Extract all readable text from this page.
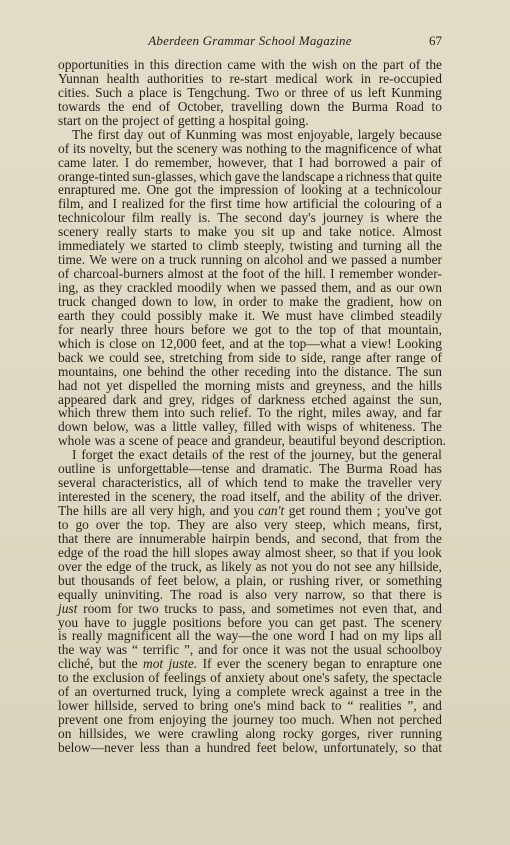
Aberdeen Grammar School Magazine	67
opportunities in this direction came with the wish on the part of the
Yunnan health authorities to re-start medical work in re-occupied
cities. Such a place is Tengchung. Two or three of us left Kunming
towards the end of October, travelling down the Burma Road to
start on the project of getting a hospital going.
The first day out of Kunming was most enjoyable, largely because
of its novelty, but the scenery was nothing to the magnificence of what
came later. I do remember, however, that I had borrowed a pair of
orange-tinted sun-glasses, which gave the landscape a richness that quite
enraptured me. One got the impression of looking at a technicolour
film, and I realized for the first time how artificial the colouring of a
technicolour film really is. The second day's journey is where the
scenery really starts to make you sit up and take notice. Almost
immediately we started to climb steeply, twisting and turning all the
time. We were on a truck running on alcohol and we passed a number
of charcoal-burners almost at the foot of the hill. I remember wonder-
ing, as they crackled moodily when we passed them, and as our own
truck changed down to low, in order to make the gradient, how on
earth they could possibly make it. We must have climbed steadily
for nearly three hours before we got to the top of that mountain,
which is close on 12,000 feet, and at the top—what a view! Looking
back we could see, stretching from side to side, range after range of
mountains, one behind the other receding into the distance. The sun
had not yet dispelled the morning mists and greyness, and the hills
appeared dark and grey, ridges of darkness etched against the sun,
which threw them into such relief. To the right, miles away, and far
down below, was a little valley, filled with wisps of whiteness. The
whole was a scene of peace and grandeur, beautiful beyond description.
I forget the exact details of the rest of the journey, but the general
outline is unforgettable—tense and dramatic. The Burma Road has
several characteristics, all of which tend to make the traveller very
interested in the scenery, the road itself, and the ability of the driver.
The hills are all very high, and you can't get round them ; you've got
to go over the top. They are also very steep, which means, first,
that there are innumerable hairpin bends, and second, that from the
edge of the road the hill slopes away almost sheer, so that if you look
over the edge of the truck, as likely as not you do not see any hillside,
but thousands of feet below, a plain, or rushing river, or something
equally uninviting. The road is also very narrow, so that there is
just room for two trucks to pass, and sometimes not even that, and
you have to juggle positions before you can get past. The scenery
is really magnificent all the way—the one word I had on my lips all
the way was “ terrific ”, and for once it was not the usual schoolboy
cliché, but the mot juste. If ever the scenery began to enrapture one
to the exclusion of feelings of anxiety about one's safety, the spectacle
of an overturned truck, lying a complete wreck against a tree in the
lower hillside, served to bring one's mind back to “ realities ”, and
prevent one from enjoying the journey too much. When not perched
on hillsides, we were crawling along rocky gorges, river running
below—never less than a hundred feet below, unfortunately, so that
